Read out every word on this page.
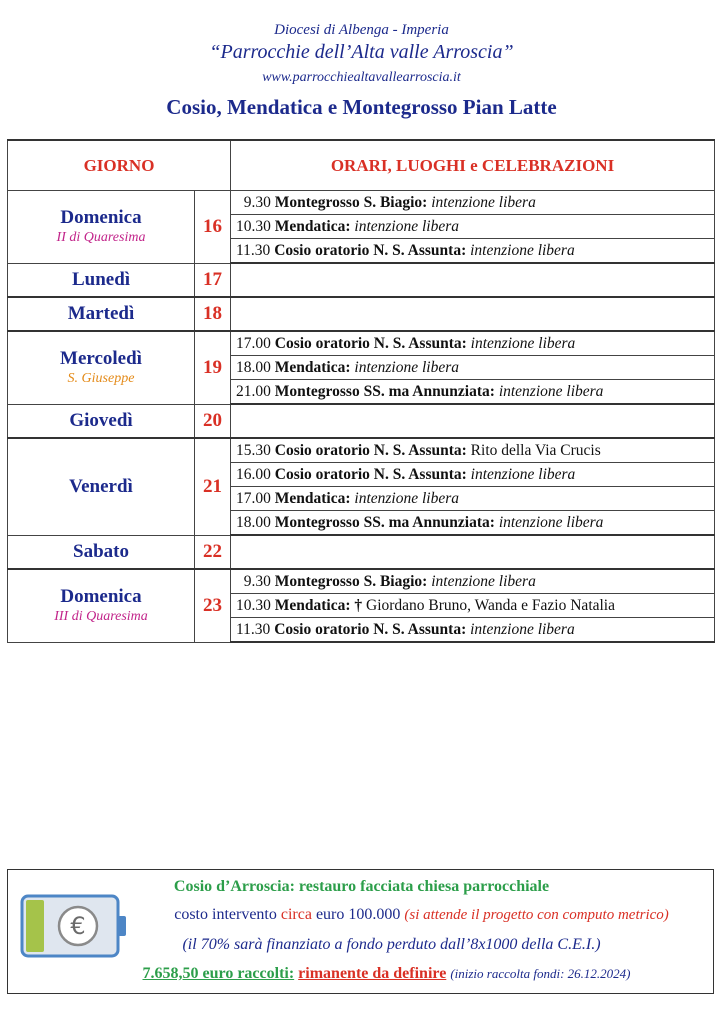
Diocesi di Albenga - Imperia
“Parrocchie dell’Alta valle Arroscia”
www.parrocchiealtavallearroscia.it
Cosio, Mendatica e Montegrosso Pian Latte
GIORNO		ORARI, LUOGHI e CELEBRAZIONI

Domenica
II di Quaresima	16	9.30 Montegrosso S. Biagio: intenzione libera
		10.30 Mendatica: intenzione libera
		11.30 Cosio oratorio N. S. Assunta: intenzione libera

Lunedì	17	

Martedì	18	

Mercoledì
S. Giuseppe	19	17.00 Cosio oratorio N. S. Assunta: intenzione libera
		18.00 Mendatica: intenzione libera
		21.00 Montegrosso SS. ma Annunziata: intenzione libera

Giovedì	20	

Venerdì	21	15.30 Cosio oratorio N. S. Assunta: Rito della Via Crucis
		16.00 Cosio oratorio N. S. Assunta: intenzione libera
		17.00 Mendatica: intenzione libera
		18.00 Montegrosso SS. ma Annunziata: intenzione libera

Sabato	22	

Domenica
III di Quaresima	23	9.30 Montegrosso S. Biagio: intenzione libera
		10.30 Mendatica: † Giordano Bruno, Wanda e Fazio Natalia
		11.30 Cosio oratorio N. S. Assunta: intenzione libera
€
Cosio d’Arroscia: restauro facciata chiesa parrocchiale
costo intervento circa euro 100.000 (si attende il progetto con computo metrico)
(il 70% sarà finanziato a fondo perduto dall’8x1000 della C.E.I.)
7.658,50 euro raccolti: rimanente da definire (inizio raccolta fondi: 26.12.2024)
